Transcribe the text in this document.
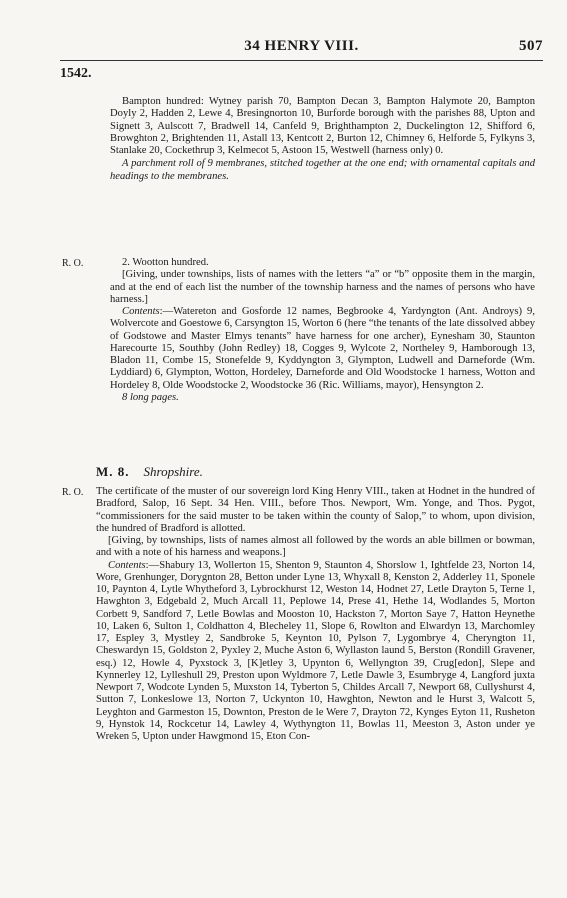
34 HENRY VIII.	507
1542.

Bampton hundred: Wytney parish 70, Bampton Decan 3, Bampton Halymote 20, Bampton Doyly 2, Hadden 2, Lewe 4, Bresingnorton 10, Burforde borough with the parishes 88, Upton and Signett 3, Aulscott 7, Bradwell 14, Canfeld 9, Brighthampton 2, Duckelington 12, Shifford 6, Browghton 2, Brightenden 11, Astall 13, Kentcott 2, Burton 12, Chimney 6, Helforde 5, Fylkyns 3, Stanlake 20, Cockethrup 3, Kelmecot 5, Astoon 15, Westwell (harness only) 0.

A parchment roll of 9 membranes, stitched together at the one end; with ornamental capitals and headings to the membranes.

R. O.	2. Wootton hundred.

[Giving, under townships, lists of names with the letters “a” or “b” opposite them in the margin, and at the end of each list the number of the township harness and the names of persons who have harness.]

Contents:—Watereton and Gosforde 12 names, Begbrooke 4, Yardyngton (Ant. Androys) 9, Wolvercote and Goestowe 6, Carsyngton 15, Worton 6 (here “the tenants of the late dissolved abbey of Godstowe and Master Elmys tenants” have harness for one archer), Eynesham 30, Staunton Harecourte 15, Southby (John Redley) 18, Cogges 9, Wylcote 2, Northeley 9, Hamborough 13, Bladon 11, Combe 15, Stonefelde 9, Kyddyngton 3, Glympton, Ludwell and Darneforde (Wm. Lyddiard) 6, Glympton, Wotton, Hordeley, Darneforde and Old Woodstocke 1 harness, Wotton and Hordeley 8, Olde Woodstocke 2, Woodstocke 36 (Ric. Williams, mayor), Hensyngton 2.

8 long pages.

M. 8. Shropshire.
R. O. The certificate of the muster of our sovereign lord King Henry VIII., taken at Hodnet in the hundred of Bradford, Salop, 16 Sept. 34 Hen. VIII., before Thos. Newport, Wm. Yonge, and Thos. Pygot, “commissioners for the said muster to be taken within the county of Salop,” to whom, upon division, the hundred of Bradford is allotted.

[Giving, by townships, lists of names almost all followed by the words an able billmen or bowman, and with a note of his harness and weapons.]

Contents:—Shabury 13, Wollerton 15, Shenton 9, Staunton 4, Shorslow 1, Ightfelde 23, Norton 14, Wore, Grenhunger, Dorygnton 28, Betton under Lyne 13, Whyxall 8, Kenston 2, Adderley 11, Sponele 10, Paynton 4, Lytle Whytheford 3, Lybrockhurst 12, Weston 14, Hodnet 27, Letle Drayton 5, Terne 1, Hawghton 3, Edgebald 2, Much Arcall 11, Peplowe 14, Prese 41, Hethe 14, Wodlandes 5, Morton Corbett 9, Sandford 7, Letle Bowlas and Mooston 10, Hackston 7, Morton Saye 7, Hatton Heynethe 10, Laken 6, Sulton 1, Coldhatton 4, Blecheley 11, Slope 6, Rowlton and Elwardyn 13, Marchomley 17, Espley 3, Mystley 2, Sandbroke 5, Keynton 10, Pylson 7, Lygombrye 4, Cheryngton 11, Cheswardyn 15, Goldston 2, Pyxley 2, Muche Aston 6, Wyllaston laund 5, Berston (Rondill Gravener, esq.) 12, Howle 4, Pyxstock 3, [K]etley 3, Upynton 6, Wellyngton 39, Crug[edon], Slepe and Kynnerley 12, Lylleshull 29, Preston upon Wyldmore 7, Letle Dawle 3, Esumbryge 4, Langford juxta Newport 7, Wodcote Lynden 5, Muxston 14, Tyberton 5, Childes Arcall 7, Newport 68, Cullyshurst 4, Sutton 7, Lonkeslowe 13, Norton 7, Uckynton 10, Hawghton, Newton and le Hurst 3, Walcott 5, Leyghton and Garmeston 15, Downton, Preston de le Were 7, Drayton 72, Kynges Eyton 11, Rusheton 9, Hynstok 14, Rockcetur 14, Lawley 4, Wythyngton 11, Bowlas 11, Meeston 3, Aston under ye Wreken 5, Upton under Hawgmond 15, Eton Con-
